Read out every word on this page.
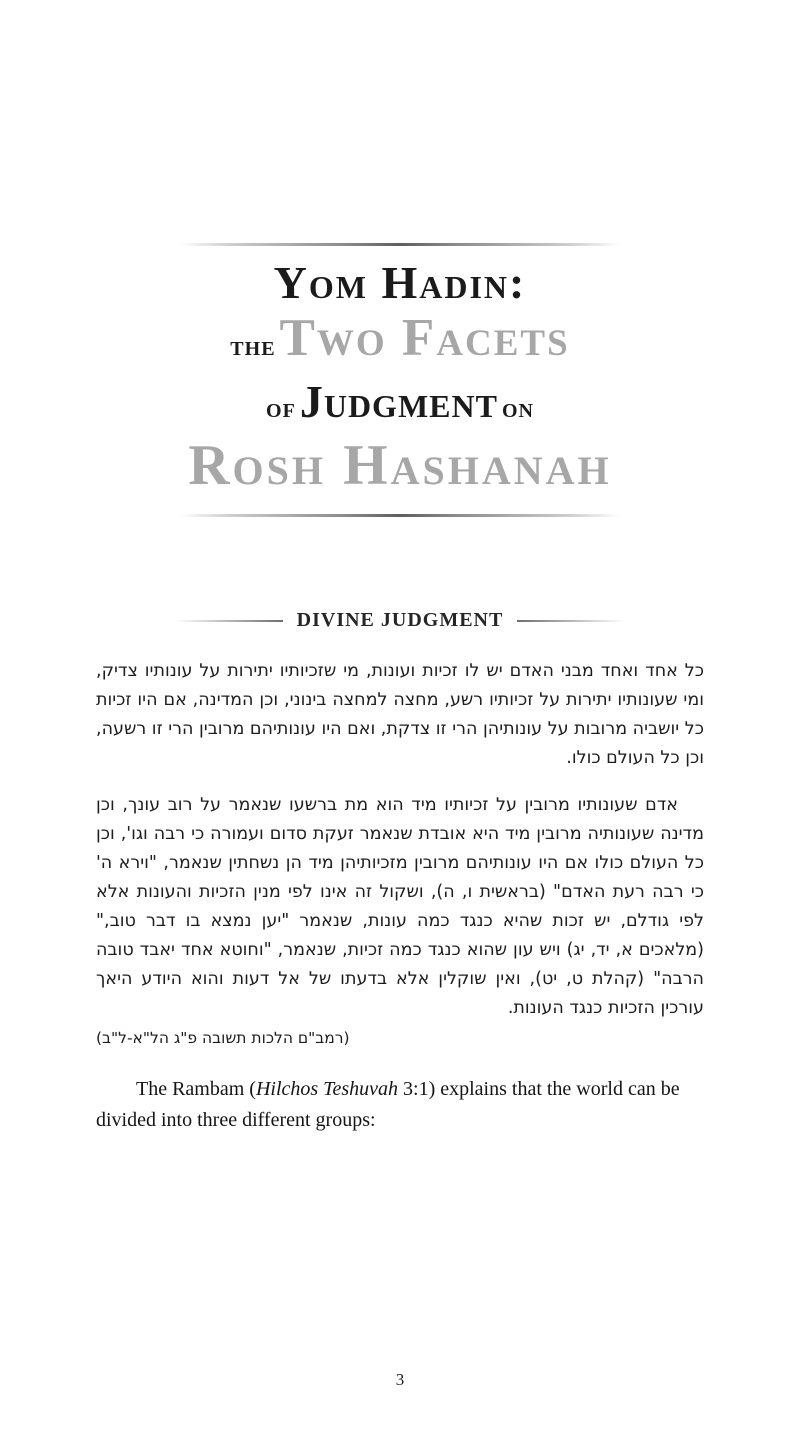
Yom Hadin:
the Two Facets
of Judgment on
Rosh Hashanah
DIVINE JUDGMENT

כל אחד ואחד מבני האדם יש לו זכיות ועונות, מי שזכיותיו יתירות על עונותיו צדיק, ומי שעונותיו יתירות על זכיותיו רשע, מחצה למחצה בינוני, וכן המדינה, אם היו זכיות כל יושביה מרובות על עונותיהן הרי זו צדקת, ואם היו עונותיהם מרובין הרי זו רשעה, וכן כל העולם כולו.

אדם שעונותיו מרובין על זכיותיו מיד הוא מת ברשעו שנאמר על רוב עונך, וכן מדינה שעונותיה מרובין מיד היא אובדת שנאמר זעקת סדום ועמורה כי רבה וגו', וכן כל העולם כולו אם היו עונותיהם מרובין מזכיותיהן מיד הן נשחתין שנאמר, "וירא ה' כי רבה רעת האדם" (בראשית ו, ה), ושקול זה אינו לפי מנין הזכיות והעונות אלא לפי גודלם, יש זכות שהיא כנגד כמה עונות, שנאמר "יען נמצא בו דבר טוב," (מלאכים א, יד, יג) ויש עון שהוא כנגד כמה זכיות, שנאמר, "וחוטא אחד יאבד טובה הרבה" (קהלת ט, יט), ואין שוקלין אלא בדעתו של אל דעות והוא היודע היאך עורכין הזכיות כנגד העונות.

(רמב"ם הלכות תשובה פ"ג הל"א-ל"ב)

The Rambam (Hilchos Teshuvah 3:1) explains that the world can be divided into three different groups:

3
